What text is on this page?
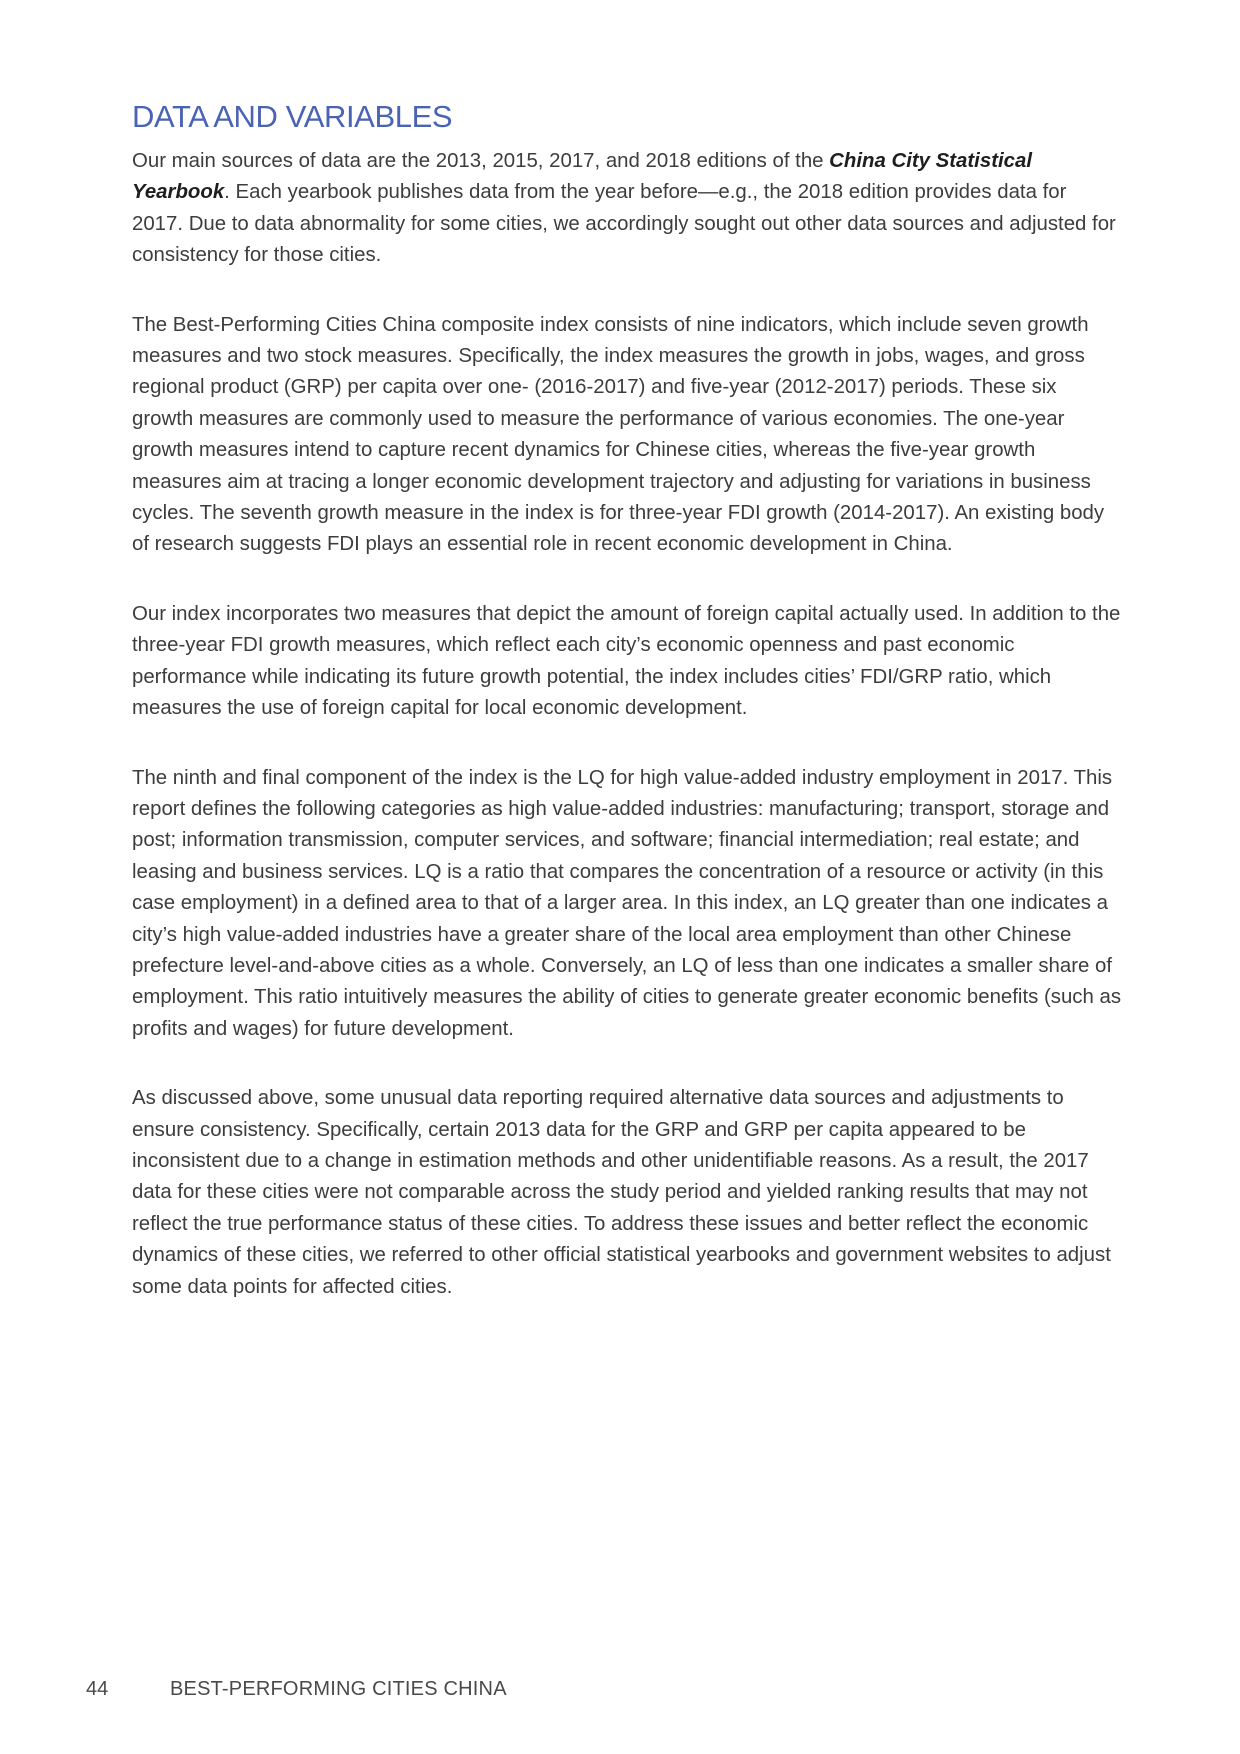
DATA AND VARIABLES

Our main sources of data are the 2013, 2015, 2017, and 2018 editions of the China City Statistical Yearbook. Each yearbook publishes data from the year before—e.g., the 2018 edition provides data for 2017. Due to data abnormality for some cities, we accordingly sought out other data sources and adjusted for consistency for those cities.

The Best-Performing Cities China composite index consists of nine indicators, which include seven growth measures and two stock measures. Specifically, the index measures the growth in jobs, wages, and gross regional product (GRP) per capita over one- (2016-2017) and five-year (2012-2017) periods. These six growth measures are commonly used to measure the performance of various economies. The one-year growth measures intend to capture recent dynamics for Chinese cities, whereas the five-year growth measures aim at tracing a longer economic development trajectory and adjusting for variations in business cycles. The seventh growth measure in the index is for three-year FDI growth (2014-2017). An existing body of research suggests FDI plays an essential role in recent economic development in China.

Our index incorporates two measures that depict the amount of foreign capital actually used. In addition to the three-year FDI growth measures, which reflect each city’s economic openness and past economic performance while indicating its future growth potential, the index includes cities’ FDI/GRP ratio, which measures the use of foreign capital for local economic development.

The ninth and final component of the index is the LQ for high value-added industry employment in 2017. This report defines the following categories as high value-added industries: manufacturing; transport, storage and post; information transmission, computer services, and software; financial intermediation; real estate; and leasing and business services. LQ is a ratio that compares the concentration of a resource or activity (in this case employment) in a defined area to that of a larger area. In this index, an LQ greater than one indicates a city’s high value-added industries have a greater share of the local area employment than other Chinese prefecture level-and-above cities as a whole. Conversely, an LQ of less than one indicates a smaller share of employment. This ratio intuitively measures the ability of cities to generate greater economic benefits (such as profits and wages) for future development.

As discussed above, some unusual data reporting required alternative data sources and adjustments to ensure consistency. Specifically, certain 2013 data for the GRP and GRP per capita appeared to be inconsistent due to a change in estimation methods and other unidentifiable reasons. As a result, the 2017 data for these cities were not comparable across the study period and yielded ranking results that may not reflect the true performance status of these cities. To address these issues and better reflect the economic dynamics of these cities, we referred to other official statistical yearbooks and government websites to adjust some data points for affected cities.

44	BEST-PERFORMING CITIES CHINA
